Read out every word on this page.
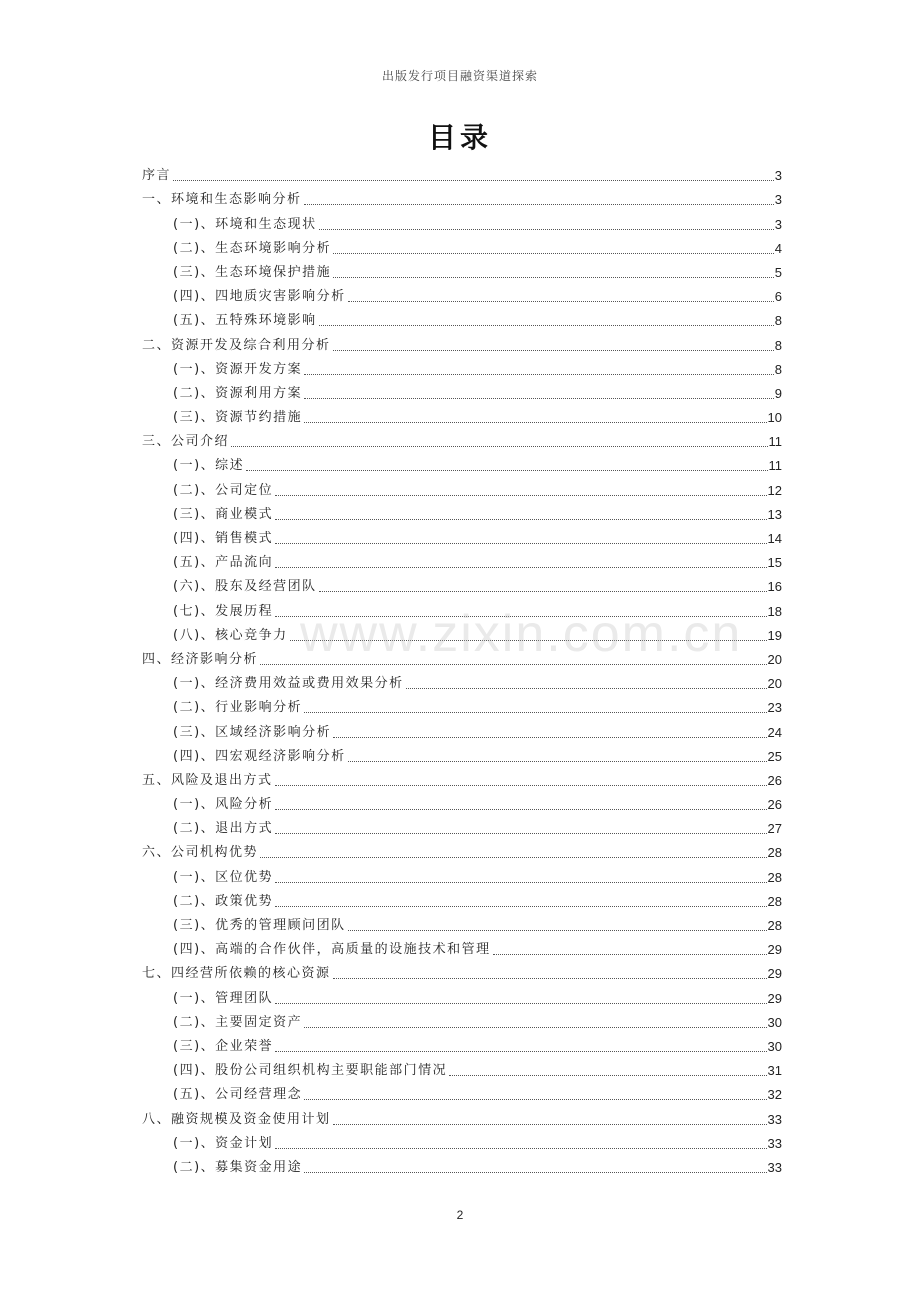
出版发行项目融资渠道探索
目录
序言	3
一、环境和生态影响分析	3
(一)、环境和生态现状	3
(二)、生态环境影响分析	4
(三)、生态环境保护措施	5
(四)、四地质灾害影响分析	6
(五)、五特殊环境影响	8
二、资源开发及综合利用分析	8
(一)、资源开发方案	8
(二)、资源利用方案	9
(三)、资源节约措施	10
三、公司介绍	11
(一)、综述	11
(二)、公司定位	12
(三)、商业模式	13
(四)、销售模式	14
(五)、产品流向	15
(六)、股东及经营团队	16
(七)、发展历程	18
(八)、核心竞争力	19
四、经济影响分析	20
(一)、经济费用效益或费用效果分析	20
(二)、行业影响分析	23
(三)、区域经济影响分析	24
(四)、四宏观经济影响分析	25
五、风险及退出方式	26
(一)、风险分析	26
(二)、退出方式	27
六、公司机构优势	28
(一)、区位优势	28
(二)、政策优势	28
(三)、优秀的管理顾问团队	28
(四)、高端的合作伙伴，高质量的设施技术和管理	29
七、四经营所依赖的核心资源	29
(一)、管理团队	29
(二)、主要固定资产	30
(三)、企业荣誉	30
(四)、股份公司组织机构主要职能部门情况	31
(五)、公司经营理念	32
八、融资规模及资金使用计划	33
(一)、资金计划	33
(二)、募集资金用途	33
www.zixin.com.cn
2
